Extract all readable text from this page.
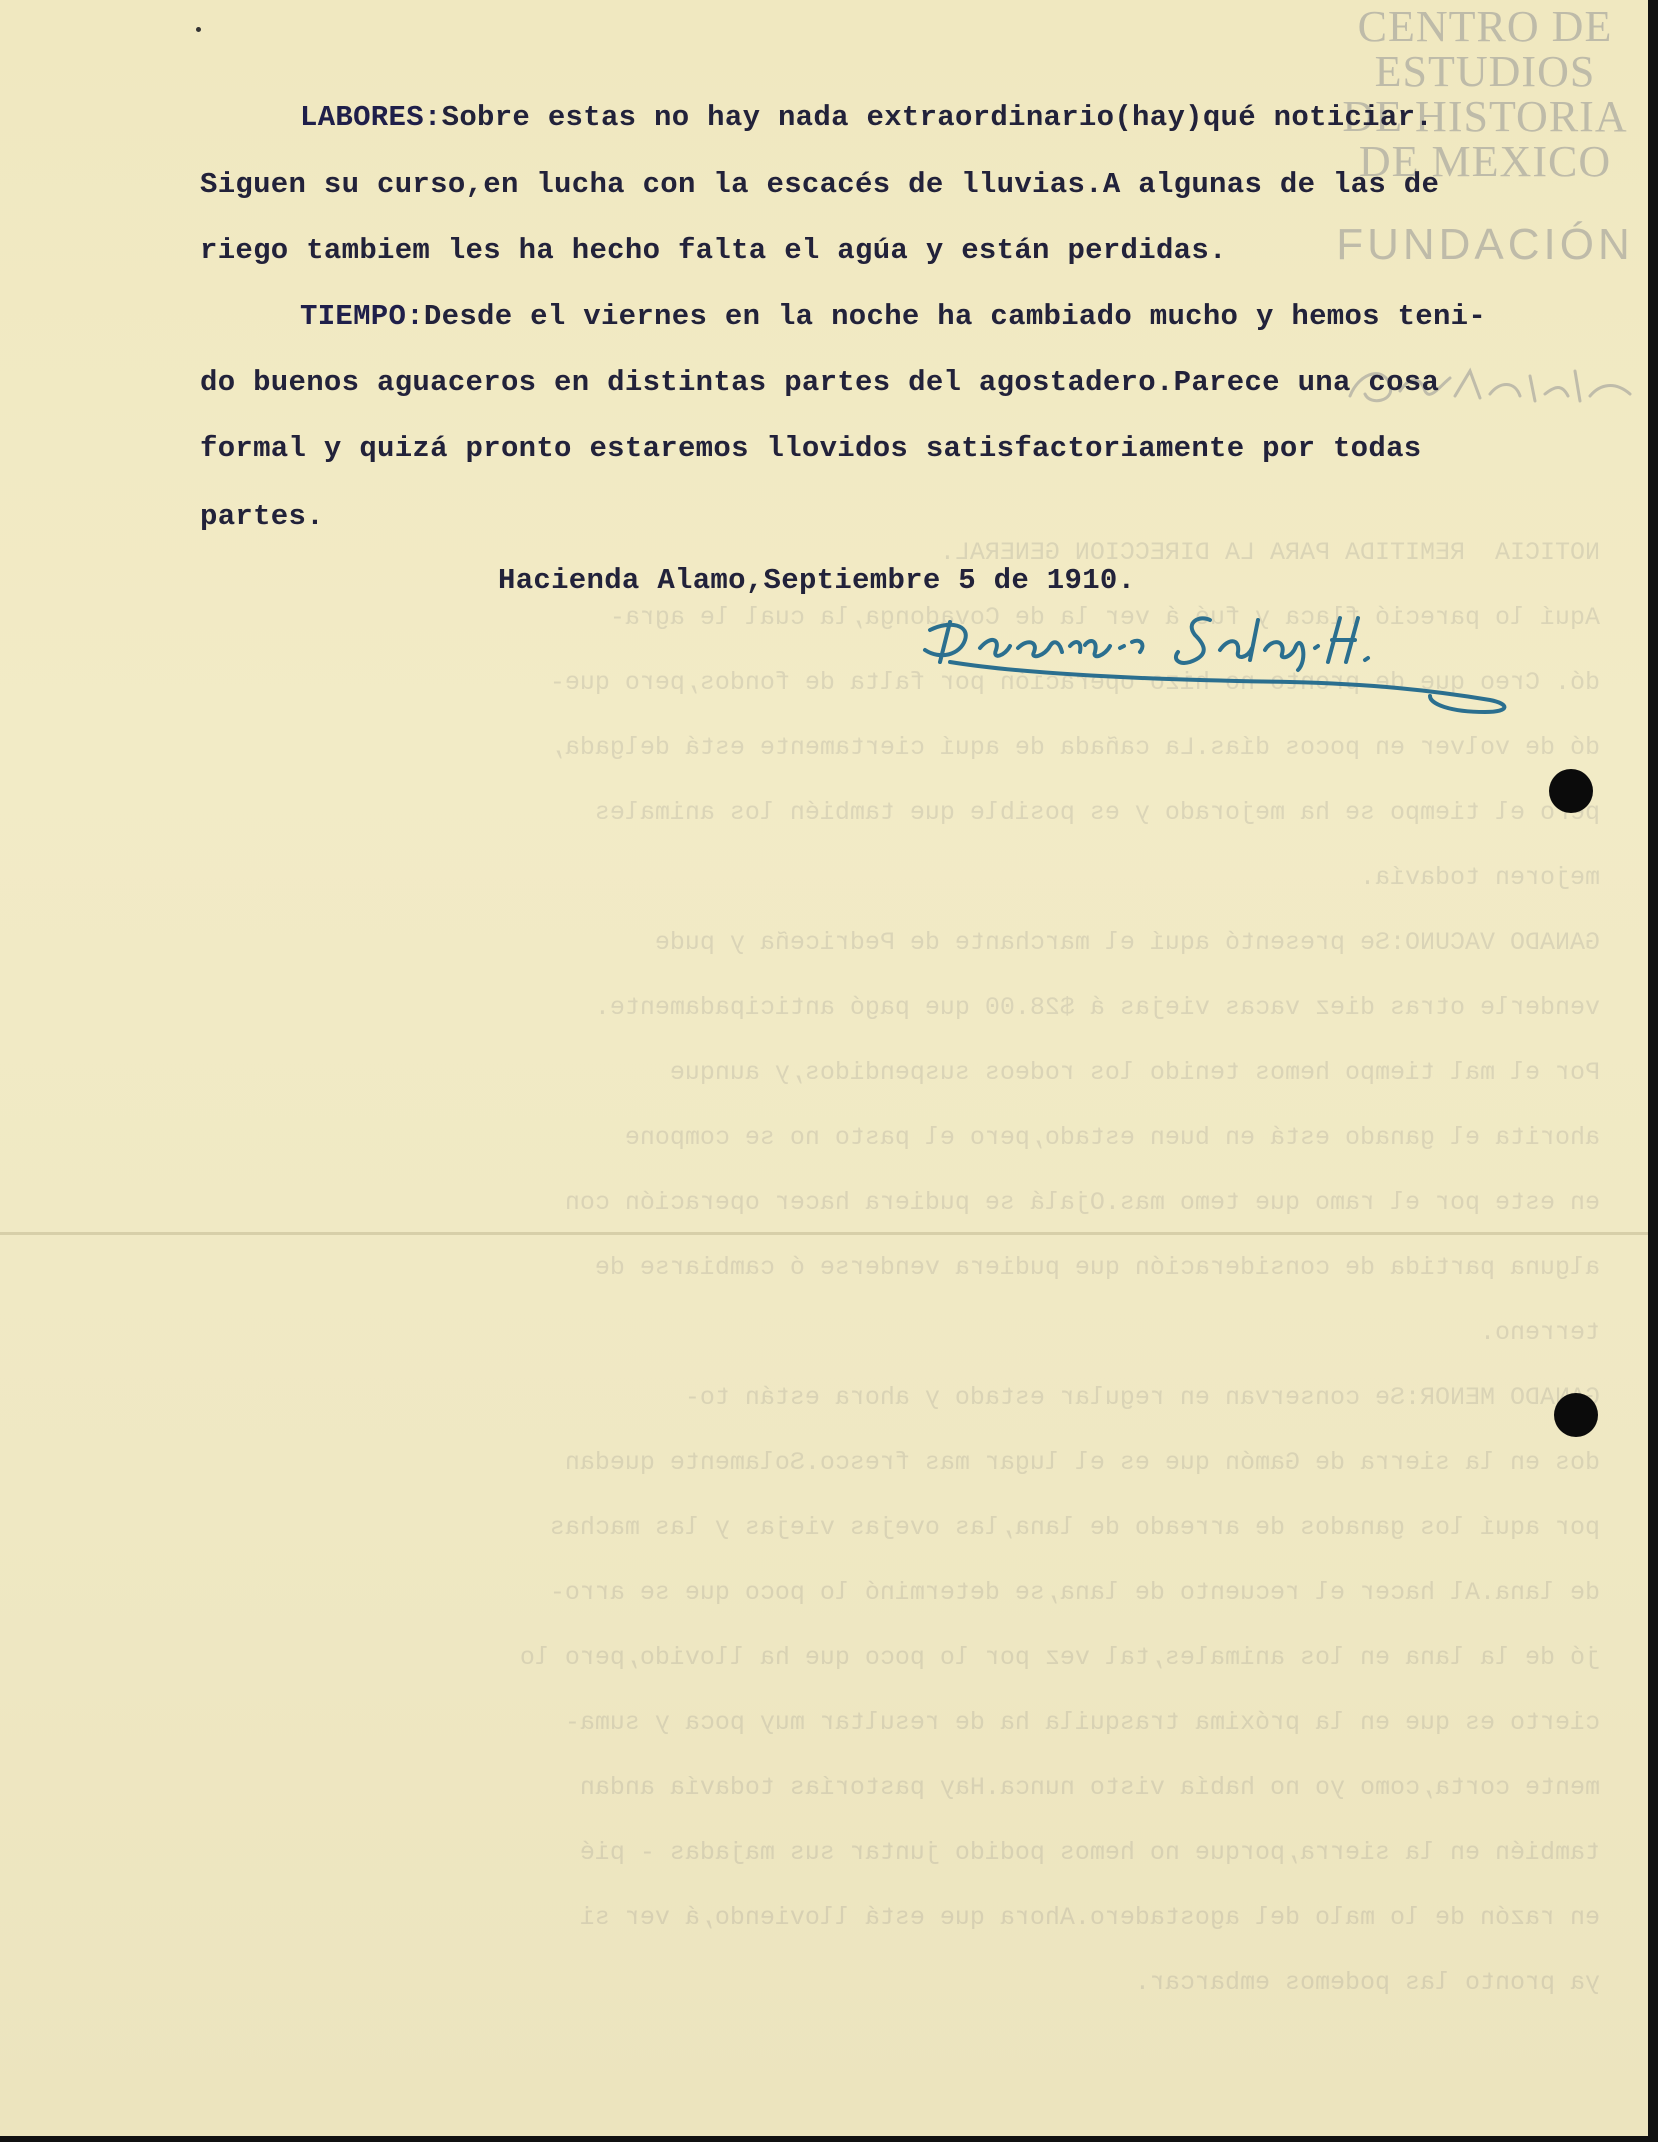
NOTICIA  REMITIDA PARA LA DIRECCION GENERAL.
Aquí lo pareció flaca y fué á ver la de Covadonga,la cual le agra-
dó. Creo que de pronto no hizo operación por falta de fondos,pero que-
dó de volver en pocos días.La cañada de aquí ciertamente está delgada,
el tiempo se ha mejorado y es posible que también los animales
mejoren todavía.
GANADO VACUNO:Se presentó aquí el marchante de Pedriceña y pude
venderle otras diez vacas viejas á $28.00 que pagó anticipadamente.
Por el mal tiempo hemos tenido los rodeos suspendidos,y aunque
ahorita el ganado está en buen estado,pero el pasto no se compone
en este por el ramo que temo mas.Ojalá se pudiera hacer operación con
alguna partida de consideración que pudiera venderse ó cambiarse de
terreno.
GANADO MENOR:Se conservan en regular estado y ahora están to-
dos en la sierra de Gamón que es el lugar mas fresco.Solamente quedan
por aquí los ganados de arreado de lana,las ovejas viejas y las machas
de lana.Al hacer el recuento de lana,se determinó lo poco que se arro-
jó de la lana en los animales,tal vez por lo poco que ha llovido,pero lo
cierto es que en la próxima trasquila ha de resultar muy poca y suma-
mente corta,como yo no había visto nunca.Hay pastorías todavía andan
también en la sierra,porque no hemos podido juntar sus majadas - pié
en razón de lo malo del agostadero.Ahora que está lloviendo,á ver si
ya pronto las podemos embarcar.
CENTRO DE
ESTUDIOS
DE HISTORIA
DE MEXICO
FUNDACIÓN
LABORES:Sobre estas no hay nada extraordinario(hay)qué noticiar.
Siguen su curso,en lucha con la escacés de lluvias.A algunas de las de
riego tambiem les ha hecho falta el agúa y están perdidas.
TIEMPO:Desde el viernes en la noche ha cambiado mucho y hemos teni-
do buenos aguaceros en distintas partes del agostadero.Parece una cosa
formal y quizá pronto estaremos llovidos satisfactoriamente por todas
partes.
Hacienda Alamo,Septiembre 5 de 1910.
